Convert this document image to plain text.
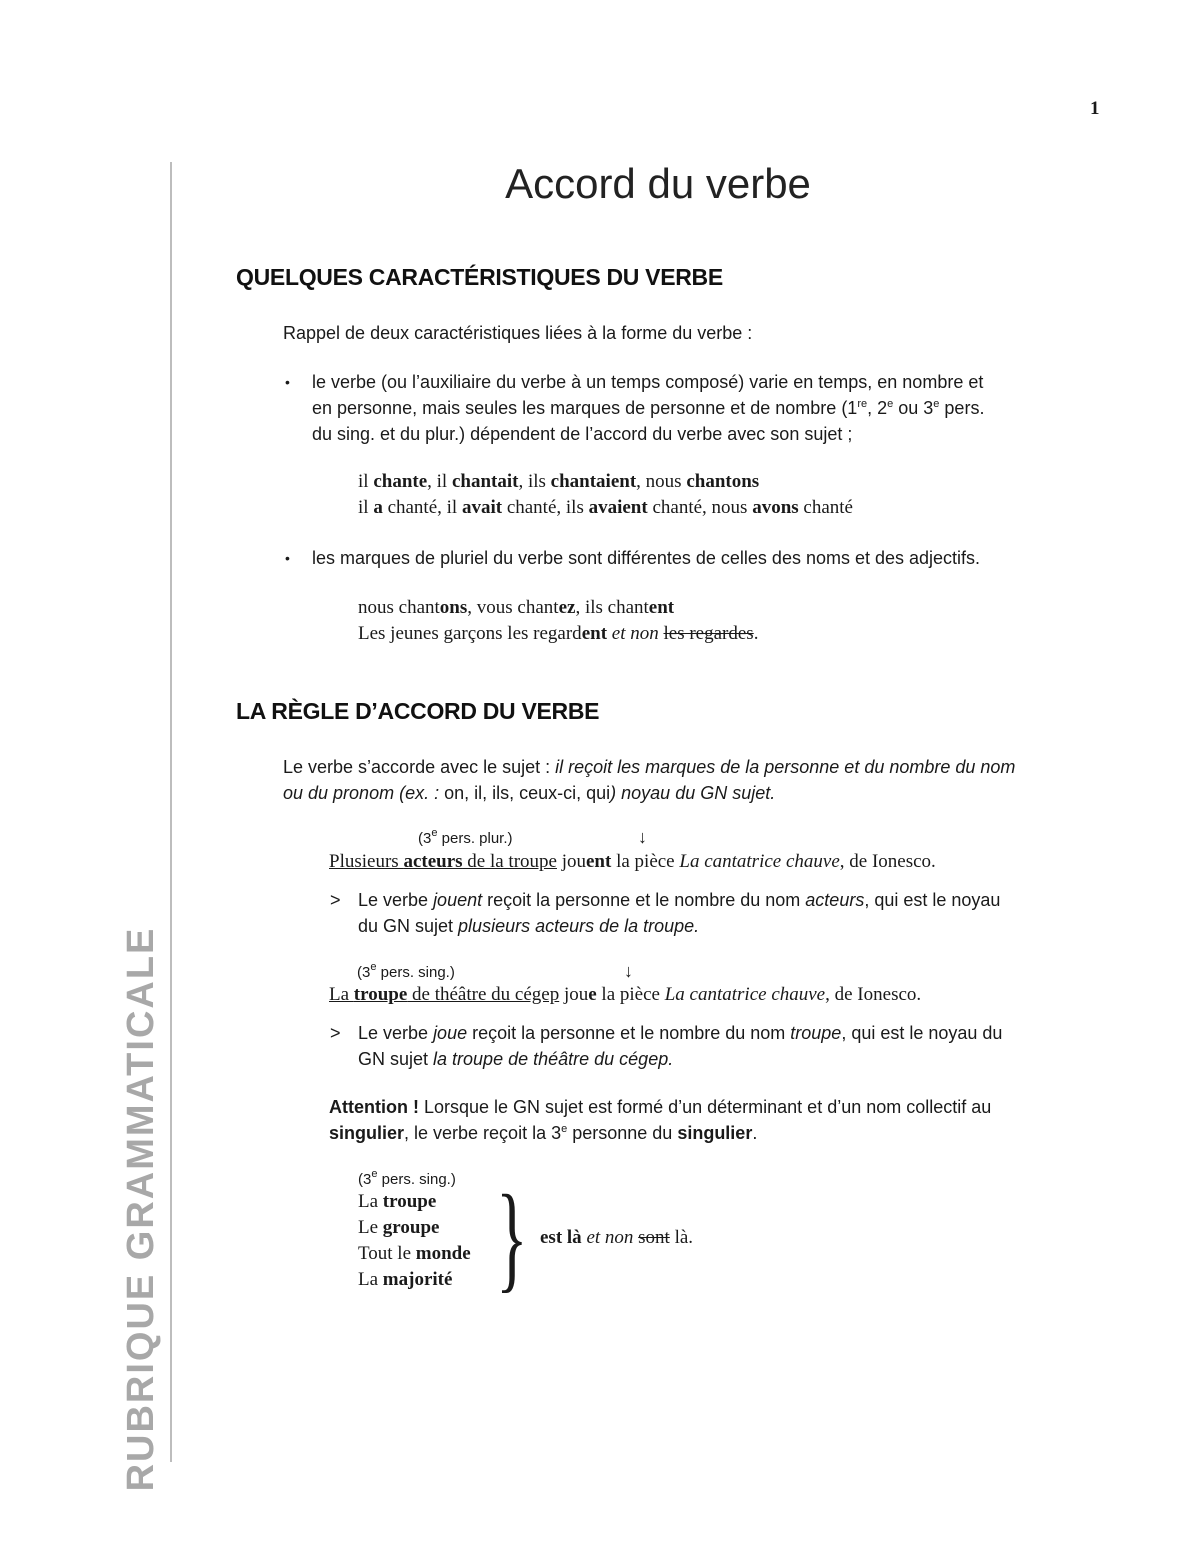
1
Accord du verbe
RUBRIQUE GRAMMATICALE
QUELQUES CARACTÉRISTIQUES DU VERBE
Rappel de deux caractéristiques liées à la forme du verbe :
• le verbe (ou l’auxiliaire du verbe à un temps composé) varie en temps, en nombre et
en personne, mais seules les marques de personne et de nombre (1re, 2e ou 3e pers.
du sing. et du plur.) dépendent de l’accord du verbe avec son sujet ;
il chante, il chantait, ils chantaient, nous chantons
il a chanté, il avait chanté, ils avaient chanté, nous avons chanté
• les marques de pluriel du verbe sont différentes de celles des noms et des adjectifs.
nous chantons, vous chantez, ils chantent
Les jeunes garçons les regardent et non les regardes.
LA RÈGLE D’ACCORD DU VERBE
Le verbe s’accorde avec le sujet : il reçoit les marques de la personne et du nombre du nom
ou du pronom (ex. : on, il, ils, ceux-ci, qui) noyau du GN sujet.
(3e pers. plur.)	↓
Plusieurs acteurs de la troupe jouent la pièce La cantatrice chauve, de Ionesco.
> Le verbe jouent reçoit la personne et le nombre du nom acteurs, qui est le noyau
du GN sujet plusieurs acteurs de la troupe.
(3e pers. sing.)	↓
La troupe de théâtre du cégep joue la pièce La cantatrice chauve, de Ionesco.
> Le verbe joue reçoit la personne et le nombre du nom troupe, qui est le noyau du
GN sujet la troupe de théâtre du cégep.
Attention ! Lorsque le GN sujet est formé d’un déterminant et d’un nom collectif au
singulier, le verbe reçoit la 3e personne du singulier.
(3e pers. sing.)
La troupe
Le groupe
Tout le monde
La majorité } est là et non sont là.
